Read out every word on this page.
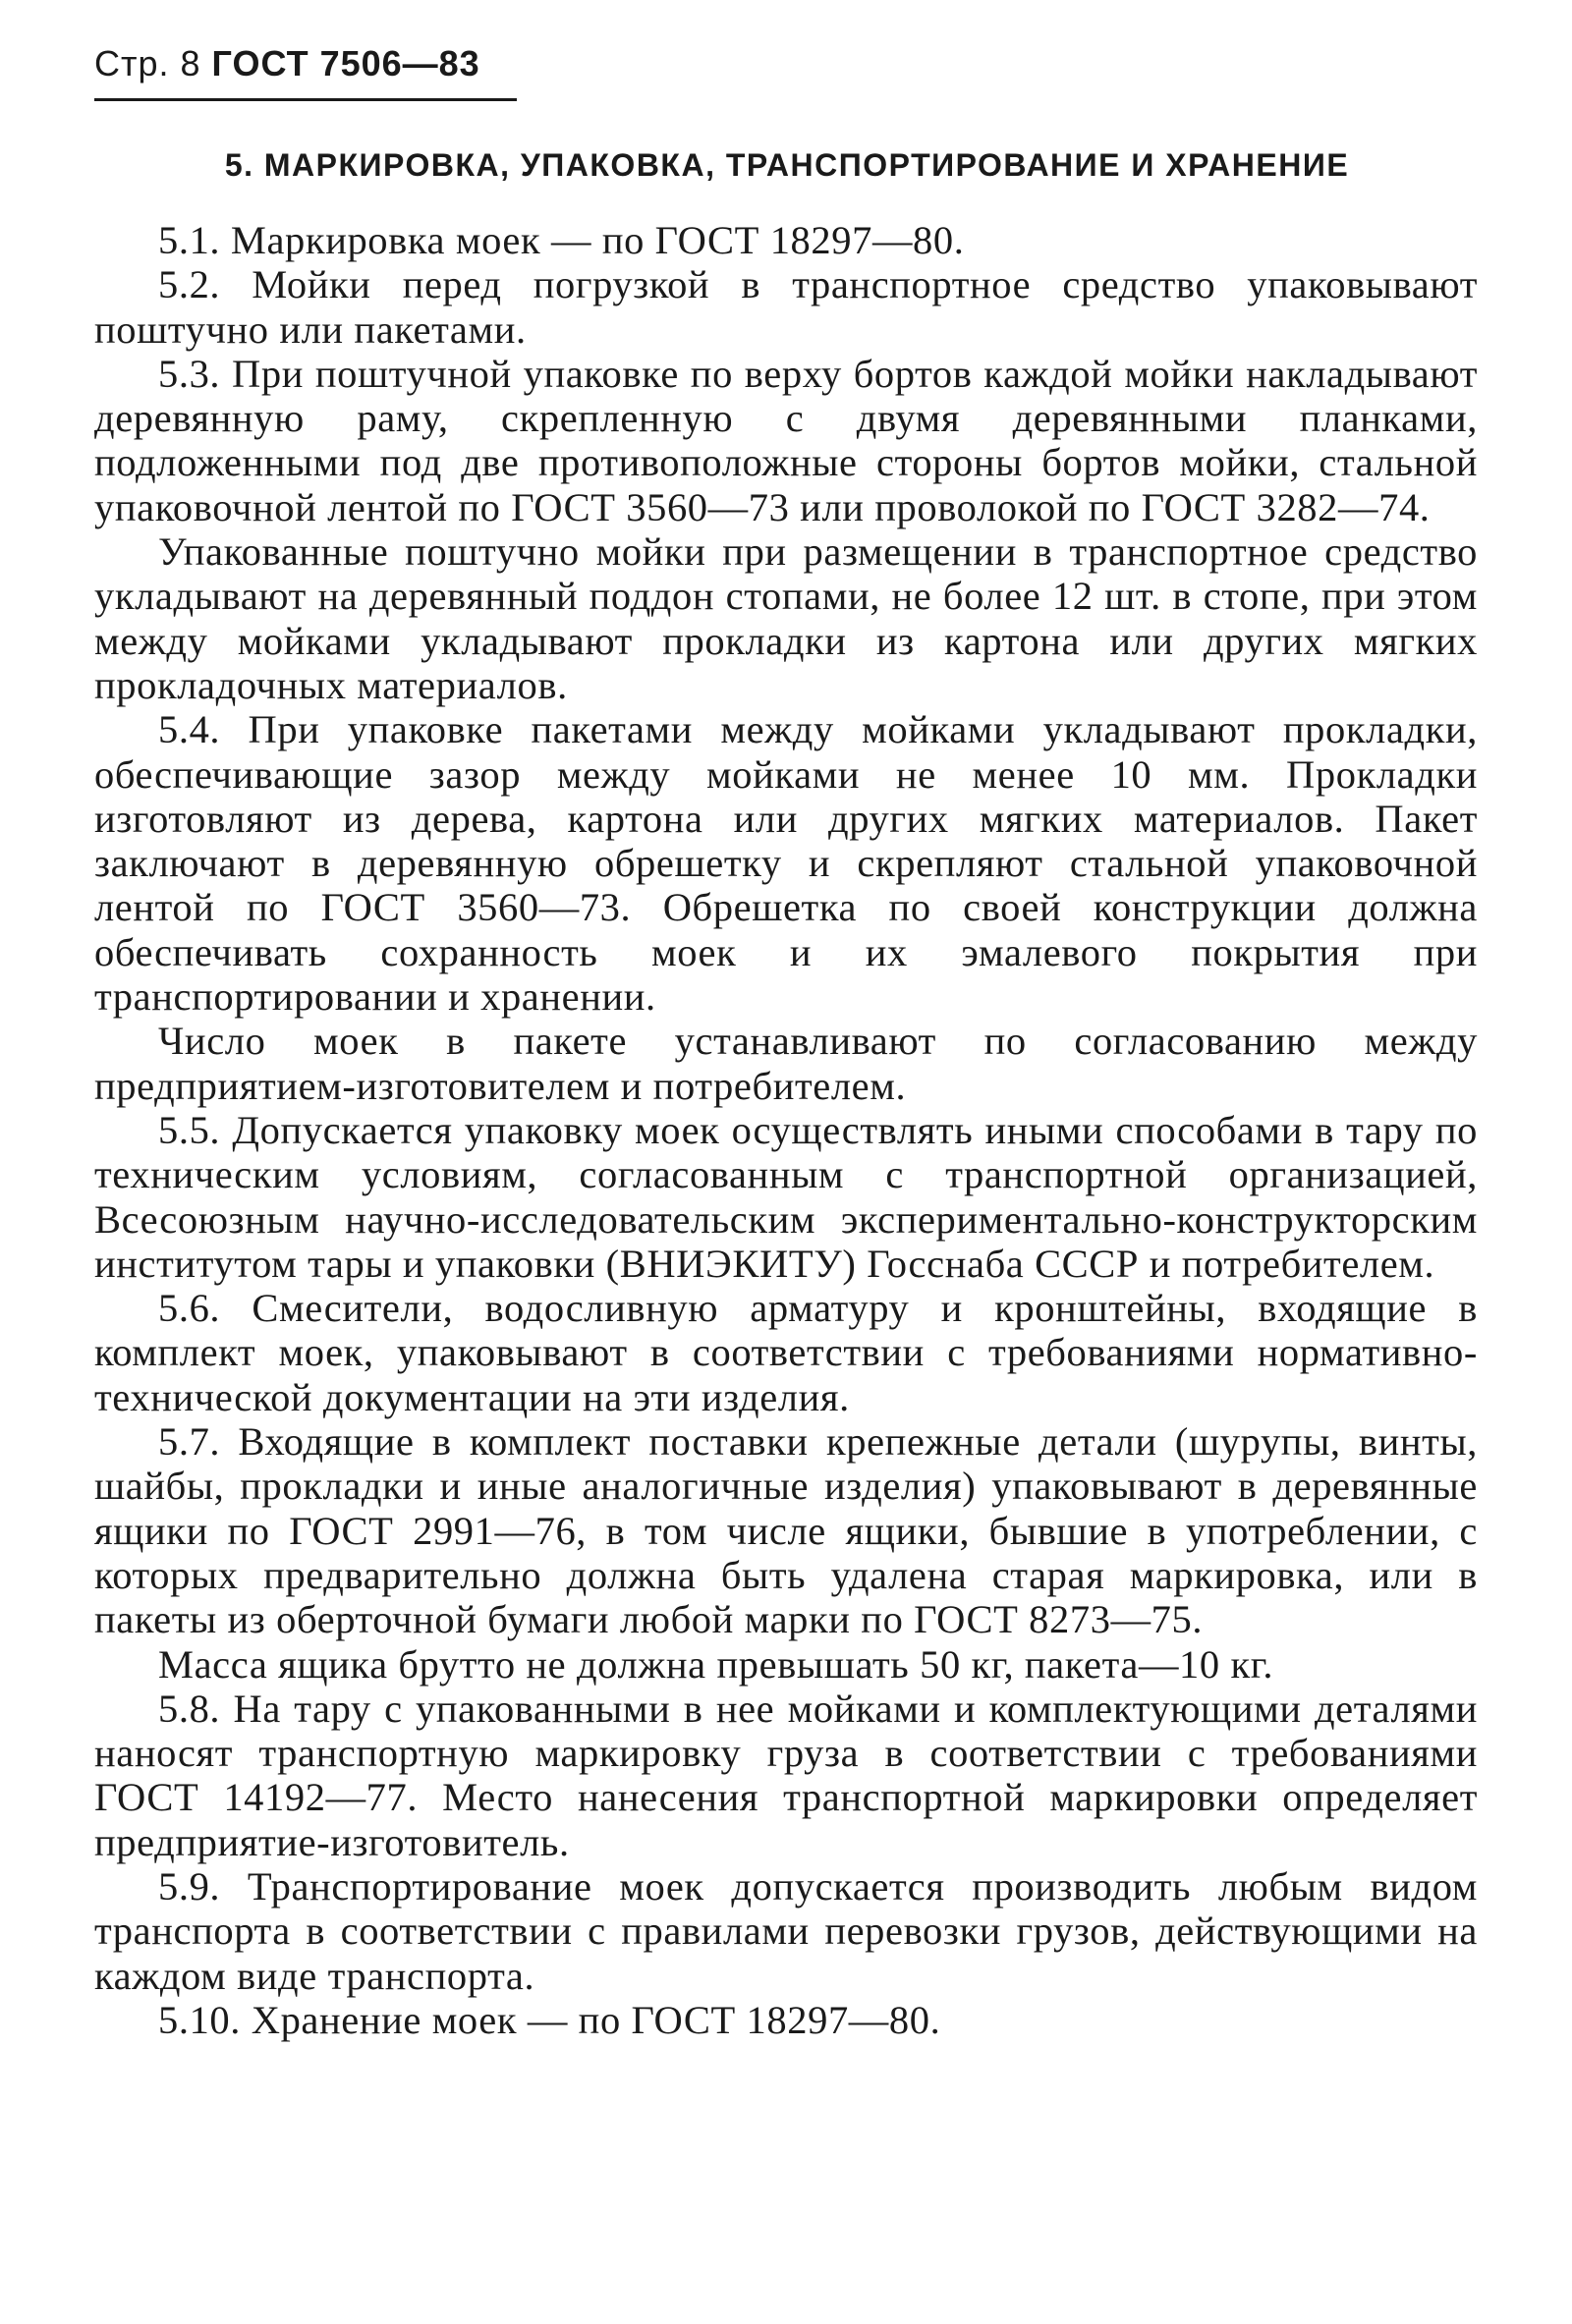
Стр. 8 ГОСТ 7506—83
5. МАРКИРОВКА, УПАКОВКА, ТРАНСПОРТИРОВАНИЕ И ХРАНЕНИЕ

5.1. Маркировка моек — по ГОСТ 18297—80.

5.2. Мойки перед погрузкой в транспортное средство упаковывают поштучно или пакетами.

5.3. При поштучной упаковке по верху бортов каждой мойки накладывают деревянную раму, скрепленную с двумя деревянными планками, подложенными под две противоположные стороны бортов мойки, стальной упаковочной лентой по ГОСТ 3560—73 или проволокой по ГОСТ 3282—74.

Упакованные поштучно мойки при размещении в транспортное средство укладывают на деревянный поддон стопами, не более 12 шт. в стопе, при этом между мойками укладывают прокладки из картона или других мягких прокладочных материалов.

5.4. При упаковке пакетами между мойками укладывают прокладки, обеспечивающие зазор между мойками не менее 10 мм. Прокладки изготовляют из дерева, картона или других мягких материалов. Пакет заключают в деревянную обрешетку и скрепляют стальной упаковочной лентой по ГОСТ 3560—73. Обрешетка по своей конструкции должна обеспечивать сохранность моек и их эмалевого покрытия при транспортировании и хранении.

Число моек в пакете устанавливают по согласованию между предприятием-изготовителем и потребителем.

5.5. Допускается упаковку моек осуществлять иными способами в тару по техническим условиям, согласованным с транспортной организацией, Всесоюзным научно-исследовательским экспериментально-конструкторским институтом тары и упаковки (ВНИЭКИТУ) Госснаба СССР и потребителем.

5.6. Смесители, водосливную арматуру и кронштейны, входящие в комплект моек, упаковывают в соответствии с требованиями нормативно-технической документации на эти изделия.

5.7. Входящие в комплект поставки крепежные детали (шурупы, винты, шайбы, прокладки и иные аналогичные изделия) упаковывают в деревянные ящики по ГОСТ 2991—76, в том числе ящики, бывшие в употреблении, с которых предварительно должна быть удалена старая маркировка, или в пакеты из оберточной бумаги любой марки по ГОСТ 8273—75.

Масса ящика брутто не должна превышать 50 кг, пакета—10 кг.

5.8. На тару с упакованными в нее мойками и комплектующими деталями наносят транспортную маркировку груза в соответствии с требованиями ГОСТ 14192—77. Место нанесения транспортной маркировки определяет предприятие-изготовитель.

5.9. Транспортирование моек допускается производить любым видом транспорта в соответствии с правилами перевозки грузов, действующими на каждом виде транспорта.

5.10. Хранение моек — по ГОСТ 18297—80.
